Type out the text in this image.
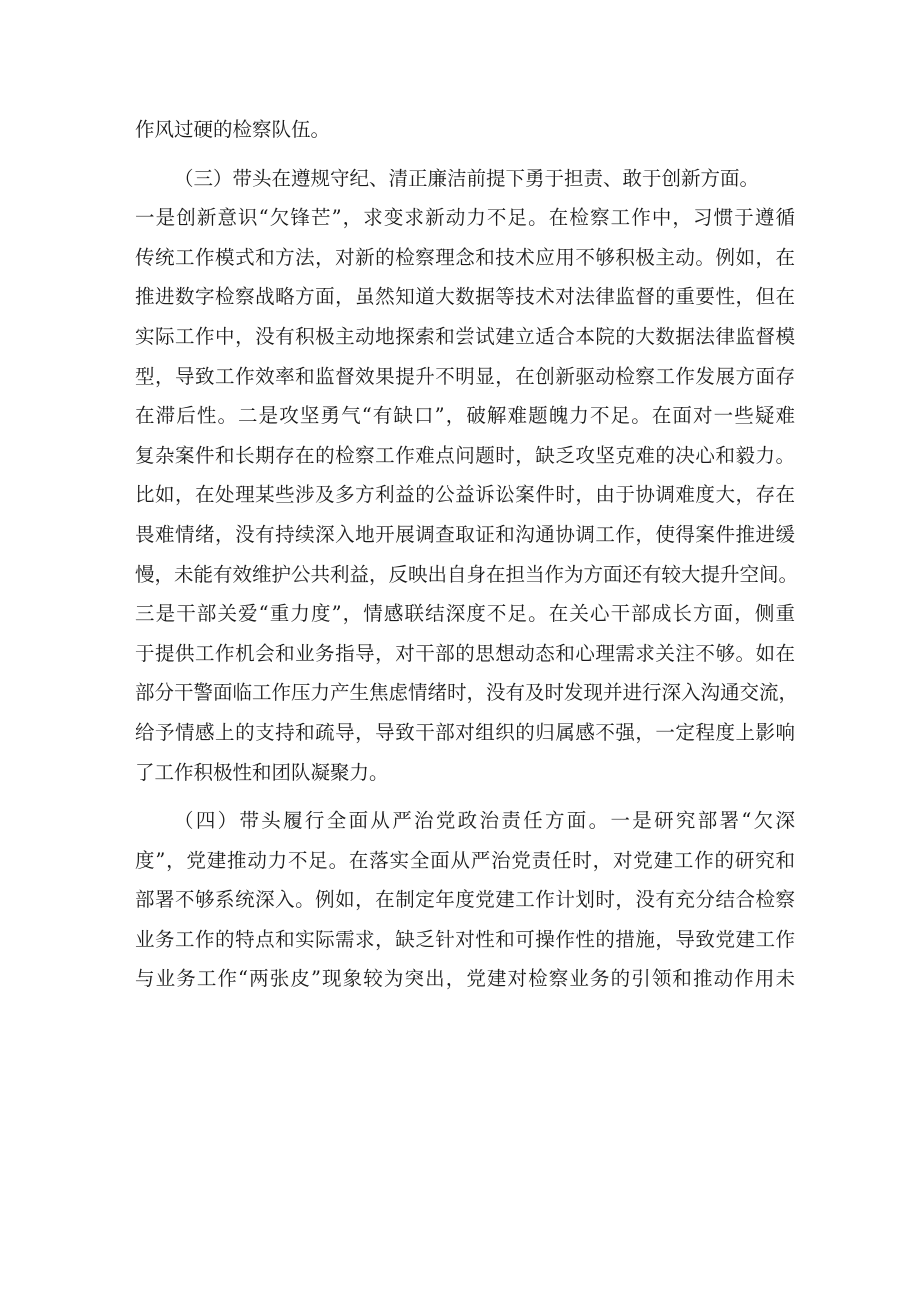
作风过硬的检察队伍。
（三）带头在遵规守纪、清正廉洁前提下勇于担责、敢于创新方面。
一是创新意识“欠锋芒”，求变求新动力不足。在检察工作中，习惯于遵循
传统工作模式和方法，对新的检察理念和技术应用不够积极主动。例如，在
推进数字检察战略方面，虽然知道大数据等技术对法律监督的重要性，但在
实际工作中，没有积极主动地探索和尝试建立适合本院的大数据法律监督模
型，导致工作效率和监督效果提升不明显，在创新驱动检察工作发展方面存
在滞后性。二是攻坚勇气“有缺口”，破解难题魄力不足。在面对一些疑难
复杂案件和长期存在的检察工作难点问题时，缺乏攻坚克难的决心和毅力。
比如，在处理某些涉及多方利益的公益诉讼案件时，由于协调难度大，存在
畏难情绪，没有持续深入地开展调查取证和沟通协调工作，使得案件推进缓
慢，未能有效维护公共利益，反映出自身在担当作为方面还有较大提升空间。
三是干部关爱“重力度”，情感联结深度不足。在关心干部成长方面，侧重
于提供工作机会和业务指导，对干部的思想动态和心理需求关注不够。如在
部分干警面临工作压力产生焦虑情绪时，没有及时发现并进行深入沟通交流，
给予情感上的支持和疏导，导致干部对组织的归属感不强，一定程度上影响
了工作积极性和团队凝聚力。
（四）带头履行全面从严治党政治责任方面。一是研究部署“欠深
度”，党建推动力不足。在落实全面从严治党责任时，对党建工作的研究和
部署不够系统深入。例如，在制定年度党建工作计划时，没有充分结合检察
业务工作的特点和实际需求，缺乏针对性和可操作性的措施，导致党建工作
与业务工作“两张皮”现象较为突出，党建对检察业务的引领和推动作用未
